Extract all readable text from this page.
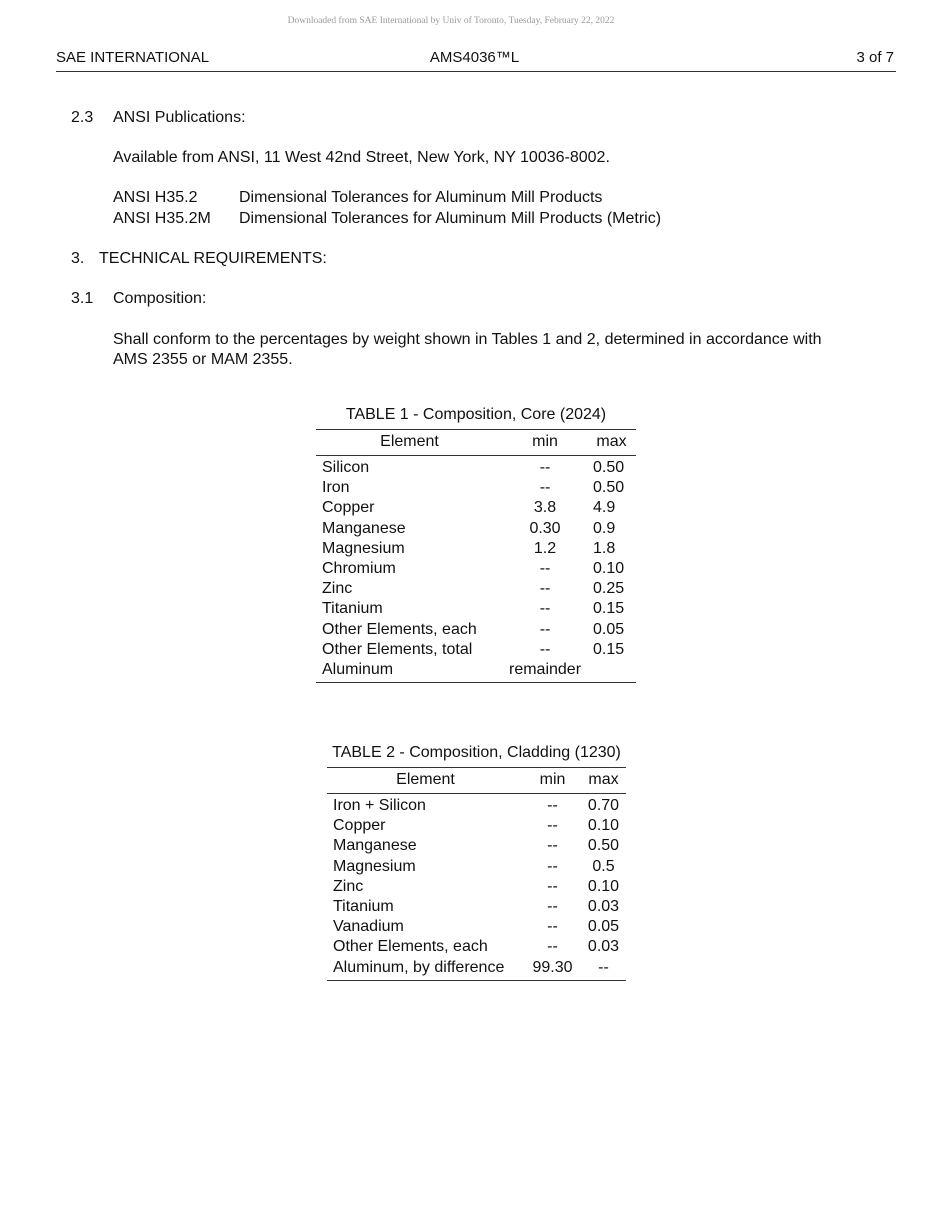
Downloaded from SAE International by Univ of Toronto, Tuesday, February 22, 2022
SAE INTERNATIONAL	AMS4036™L	3 of 7
2.3 ANSI Publications:
Available from ANSI, 11 West 42nd Street, New York, NY 10036-8002.
ANSI H35.2	Dimensional Tolerances for Aluminum Mill Products
ANSI H35.2M Dimensional Tolerances for Aluminum Mill Products (Metric)
3. TECHNICAL REQUIREMENTS:
3.1 Composition:
Shall conform to the percentages by weight shown in Tables 1 and 2, determined in accordance with
AMS 2355 or MAM 2355.
TABLE 1 - Composition, Core (2024)
Element	min	max
Silicon	--	0.50
Iron	--	0.50
Copper	3.8	4.9
Manganese	0.30	0.9
Magnesium	1.2	1.8
Chromium	--	0.10
Zinc	--	0.25
Titanium	--	0.15
Other Elements, each	--	0.05
Other Elements, total	--	0.15
Aluminum	remainder	
TABLE 2 - Composition, Cladding (1230)
Element	min	max
Iron + Silicon	--	0.70
Copper	--	0.10
Manganese	--	0.50
Magnesium	--	0.5
Zinc	--	0.10
Titanium	--	0.03
Vanadium	--	0.05
Other Elements, each	--	0.03
Aluminum, by difference	99.30	--
